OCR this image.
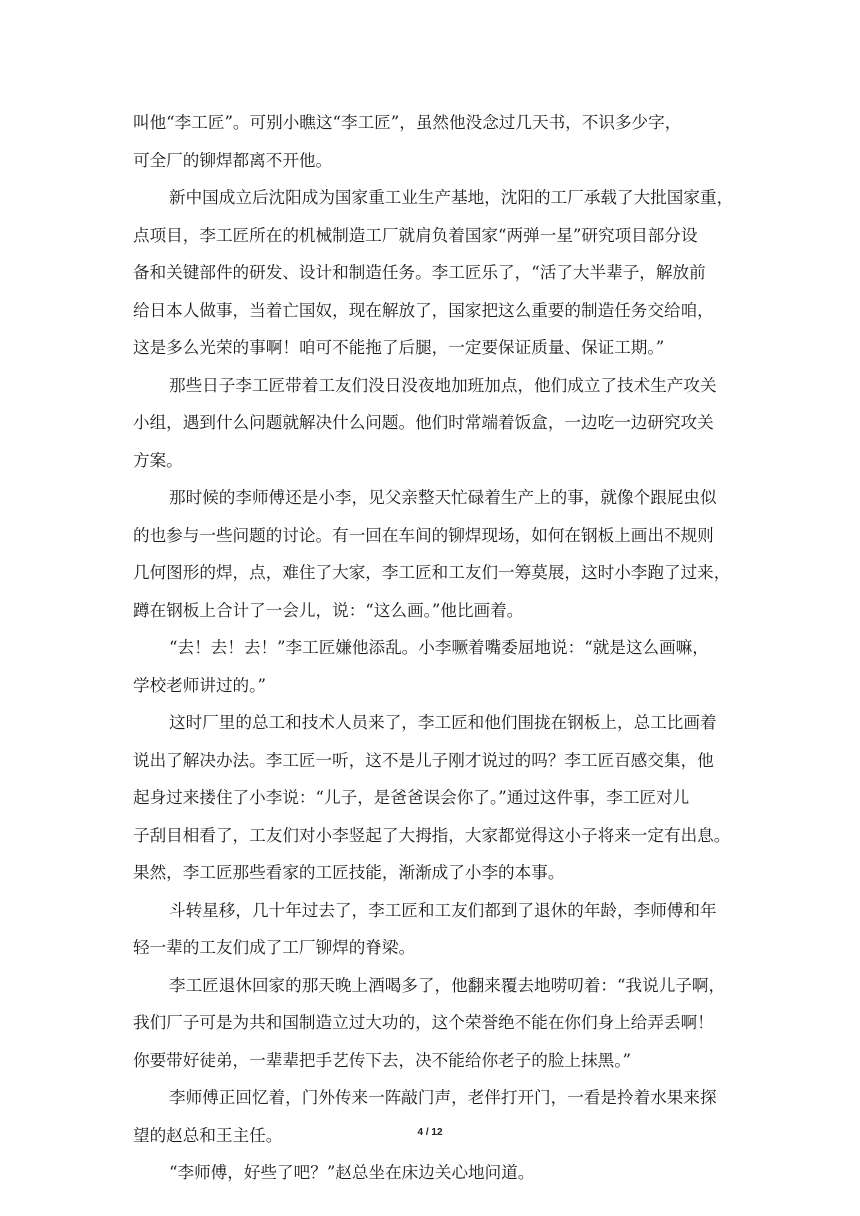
叫他“李工匠”。可别小瞧这“李工匠”，虽然他没念过几天书，不识多少字，
可全厂的铆焊都离不开他。
新中国成立后沈阳成为国家重工业生产基地，沈阳的工厂承载了大批国家重，
点项目，李工匠所在的机械制造工厂就肩负着国家“两弹一星”研究项目部分设
备和关键部件的研发、设计和制造任务。李工匠乐了，“活了大半辈子，解放前
给日本人做事，当着亡国奴，现在解放了，国家把这么重要的制造任务交给咱，
这是多么光荣的事啊！咱可不能拖了后腿，一定要保证质量、保证工期。”
那些日子李工匠带着工友们没日没夜地加班加点，他们成立了技术生产攻关
小组，遇到什么问题就解决什么问题。他们时常端着饭盒，一边吃一边研究攻关
方案。
那时候的李师傅还是小李，见父亲整天忙碌着生产上的事，就像个跟屁虫似
的也参与一些问题的讨论。有一回在车间的铆焊现场，如何在钢板上画出不规则
几何图形的焊，点，难住了大家，李工匠和工友们一筹莫展，这时小李跑了过来，
蹲在钢板上合计了一会儿，说：“这么画。”他比画着。
“去！去！去！”李工匠嫌他添乱。小李噘着嘴委屈地说：“就是这么画嘛，
学校老师讲过的。”
这时厂里的总工和技术人员来了，李工匠和他们围拢在钢板上，总工比画着
说出了解决办法。李工匠一听，这不是儿子刚才说过的吗？李工匠百感交集，他
起身过来搂住了小李说：“儿子，是爸爸误会你了。”通过这件事，李工匠对儿
子刮目相看了，工友们对小李竖起了大拇指，大家都觉得这小子将来一定有出息。
果然，李工匠那些看家的工匠技能，渐渐成了小李的本事。
斗转星移，几十年过去了，李工匠和工友们都到了退休的年龄，李师傅和年
轻一辈的工友们成了工厂铆焊的脊梁。
李工匠退休回家的那天晚上酒喝多了，他翻来覆去地唠叨着：“我说儿子啊，
我们厂子可是为共和国制造立过大功的，这个荣誉绝不能在你们身上给弄丢啊！
你要带好徒弟，一辈辈把手艺传下去，决不能给你老子的脸上抹黑。”
李师傅正回忆着，门外传来一阵敲门声，老伴打开门，一看是拎着水果来探
望的赵总和王主任。
“李师傅，好些了吧？”赵总坐在床边关心地问道。
4 / 12
